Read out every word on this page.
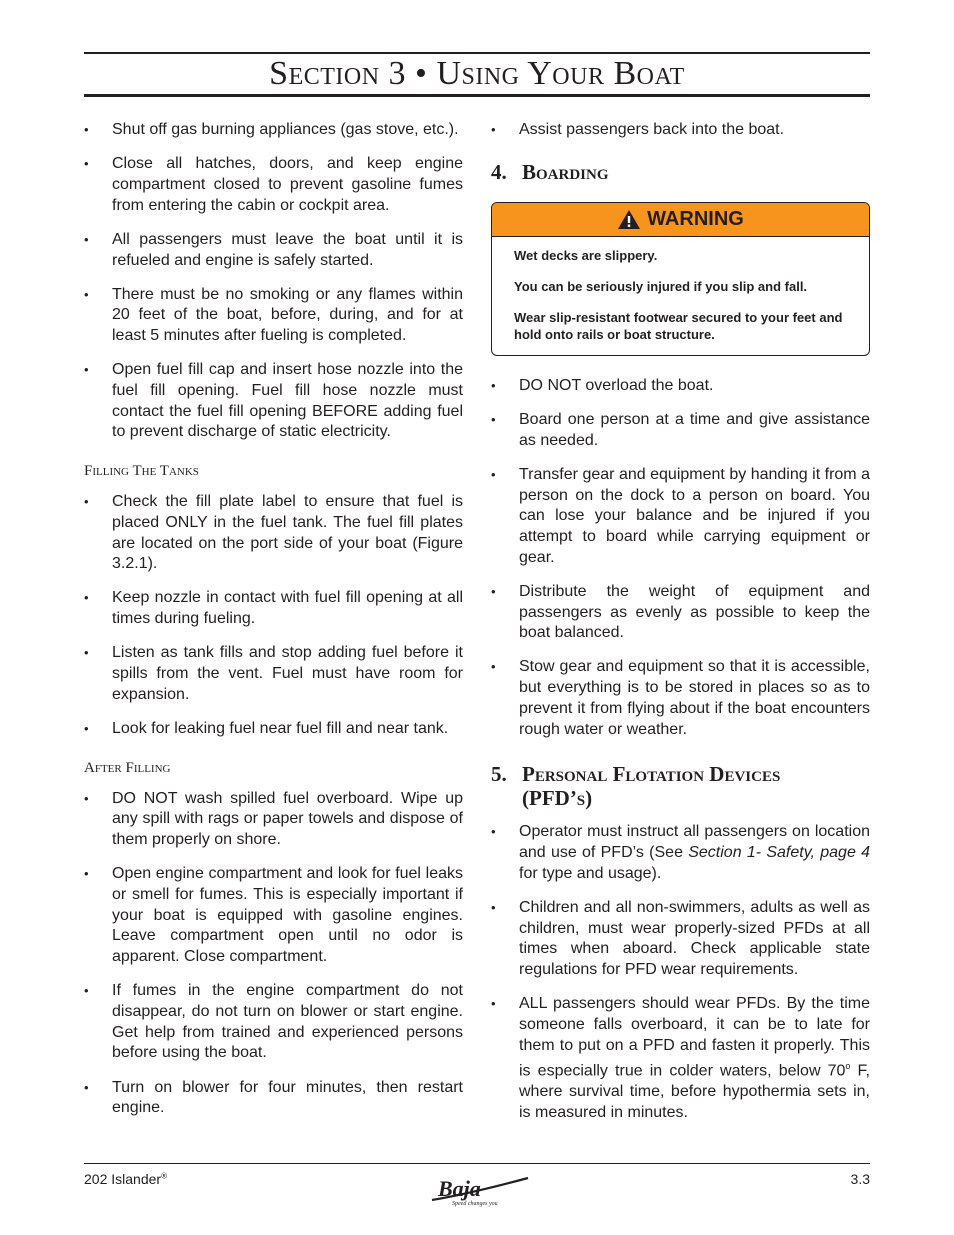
Section 3 • Using Your Boat
• Shut off gas burning appliances (gas stove, etc.).
• Close all hatches, doors, and keep engine compartment closed to prevent gasoline fumes from entering the cabin or cockpit area.
• All passengers must leave the boat until it is refueled and engine is safely started.
• There must be no smoking or any flames within 20 feet of the boat, before, during, and for at least 5 minutes after fueling is completed.
• Open fuel fill cap and insert hose nozzle into the fuel fill opening. Fuel fill hose nozzle must contact the fuel fill opening BEFORE adding fuel to prevent discharge of static electricity.
Filling The Tanks
• Check the fill plate label to ensure that fuel is placed ONLY in the fuel tank. The fuel fill plates are located on the port side of your boat (Figure 3.2.1).
• Keep nozzle in contact with fuel fill opening at all times during fueling.
• Listen as tank fills and stop adding fuel before it spills from the vent. Fuel must have room for expansion.
• Look for leaking fuel near fuel fill and near tank.
After Filling
• DO NOT wash spilled fuel overboard. Wipe up any spill with rags or paper towels and dispose of them properly on shore.
• Open engine compartment and look for fuel leaks or smell for fumes. This is especially important if your boat is equipped with gasoline engines. Leave compartment open until no odor is apparent. Close compartment.
• If fumes in the engine compartment do not disappear, do not turn on blower or start engine. Get help from trained and experienced persons before using the boat.
• Turn on blower for four minutes, then restart engine.
• Assist passengers back into the boat.
4. Boarding
WARNING

Wet decks are slippery.

You can be seriously injured if you slip and fall.

Wear slip-resistant footwear secured to your feet and hold onto rails or boat structure.

• DO NOT overload the boat.
• Board one person at a time and give assistance as needed.
• Transfer gear and equipment by handing it from a person on the dock to a person on board. You can lose your balance and be injured if you attempt to board while carrying equipment or gear.
• Distribute the weight of equipment and passengers as evenly as possible to keep the boat balanced.
• Stow gear and equipment so that it is accessible, but everything is to be stored in places so as to prevent it from flying about if the boat encounters rough water or weather.
5. Personal Flotation Devices
(PFD’s)
• Operator must instruct all passengers on location and use of PFD’s (See Section 1- Safety, page 4 for type and usage).
• Children and all non-swimmers, adults as well as children, must wear properly-sized PFDs at all times when aboard. Check applicable state regulations for PFD wear requirements.
• ALL passengers should wear PFDs. By the time someone falls overboard, it can be to late for them to put on a PFD and fasten it properly. This is especially true in colder waters, below 70$^o$ F, where survival time, before hypothermia sets in, is measured in minutes.
202 Islander®
Baja
Speed changes you
3.3
